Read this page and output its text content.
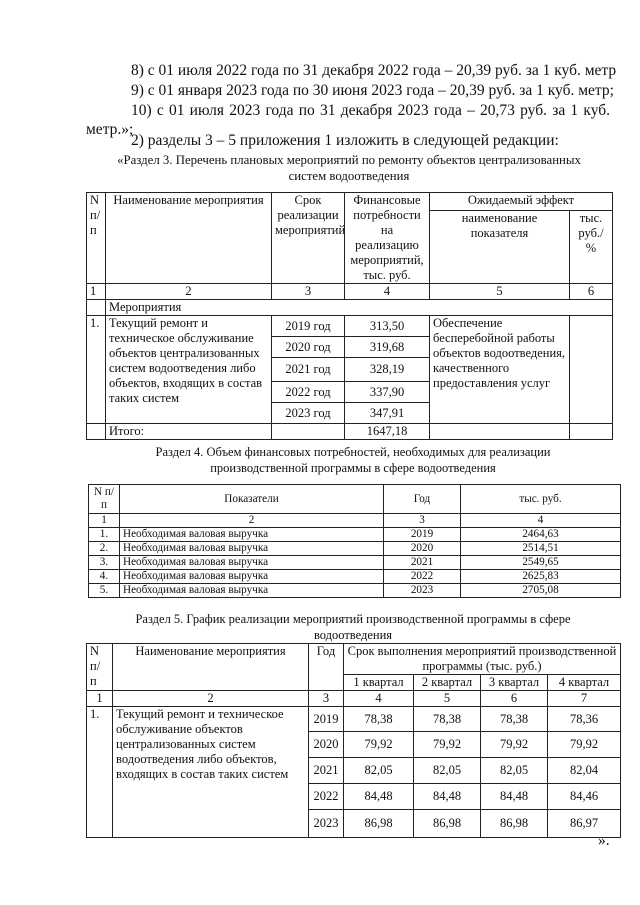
8) с 01 июля 2022 года по 31 декабря 2022 года – 20,39 руб. за 1 куб. метр
9) с 01 января 2023 года по 30 июня 2023 года – 20,39 руб. за 1 куб. метр;
10) с 01 июля 2023 года по 31 декабря 2023 года – 20,73 руб. за 1 куб.
метр.»;
2) разделы 3 – 5 приложения 1 изложить в следующей редакции:
«Раздел 3. Перечень плановых мероприятий по ремонту объектов централизованных
систем водоотведения
N п/ п	Наименование мероприятия	Срок реализации мероприятий	Финансовые потребности на реализацию мероприятий, тыс. руб.	Ожидаемый эффект	
				наименование показателя	тыс. руб./ %
1	2	3	4	5	6
	Мероприятия				
1.	Текущий ремонт и техническое обслуживание объектов централизованных систем водоотведения либо объектов, входящих в состав таких систем	2019 год	313,50	Обеспечение бесперебойной работы объектов водоотведения, качественного предоставления услуг	
		2020 год	319,68		
		2021 год	328,19		
		2022 год	337,90		
		2023 год	347,91		
	Итого:		1647,18		
Раздел 4. Объем финансовых потребностей, необходимых для реализации
производственной программы в сфере водоотведения
N п/п	Показатели	Год	тыс. руб.
1	2	3	4
1.	Необходимая валовая выручка	2019	2464,63
2.	Необходимая валовая выручка	2020	2514,51
3.	Необходимая валовая выручка	2021	2549,65
4.	Необходимая валовая выручка	2022	2625,83
5.	Необходимая валовая выручка	2023	2705,08
Раздел 5. График реализации мероприятий производственной программы в сфере
водоотведения
N п/ п	Наименование мероприятия	Год	Срок выполнения мероприятий производственной программы (тыс. руб.)			
			1 квартал	2 квартал	3 квартал	4 квартал
1	2	3	4	5	6	7
1.	Текущий ремонт и техническое обслуживание объектов централизованных систем водоотведения либо объектов, входящих в состав таких систем	2019	78,38	78,38	78,38	78,36
		2020	79,92	79,92	79,92	79,92
		2021	82,05	82,05	82,05	82,04
		2022	84,48	84,48	84,48	84,46
		2023	86,98	86,98	86,98	86,97
».
